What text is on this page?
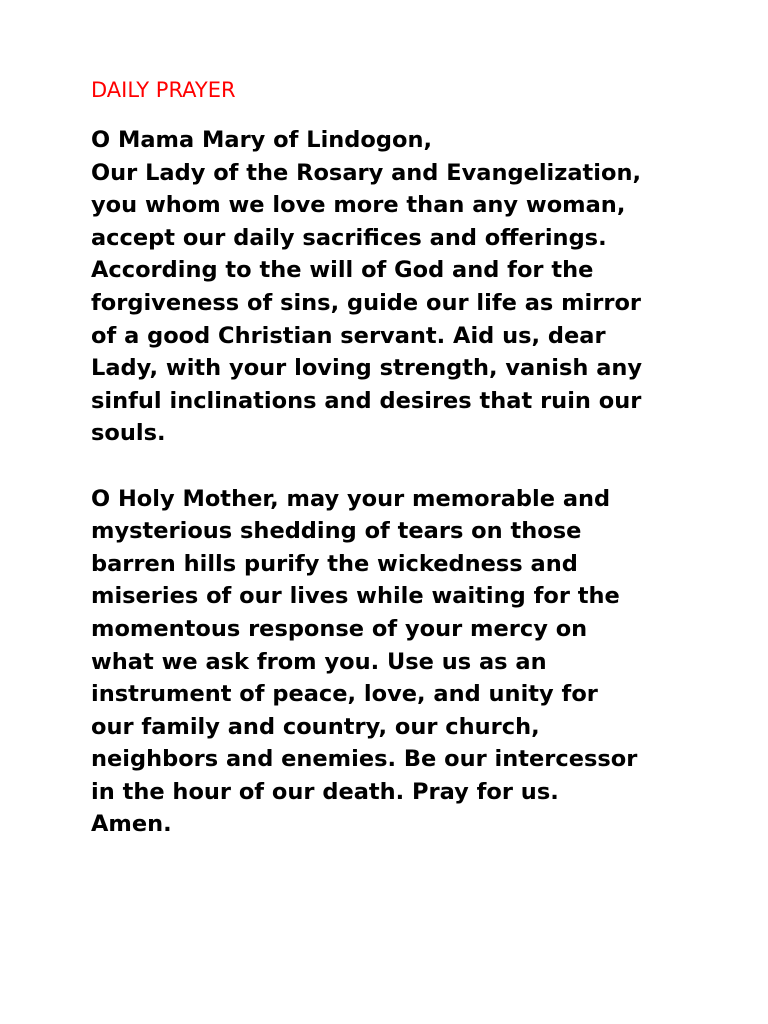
DAILY PRAYER

O Mama Mary of Lindogon,
Our Lady of the Rosary and Evangelization,
you whom we love more than any woman,
accept our daily sacrifices and offerings.
According to the will of God and for the
forgiveness of sins, guide our life as mirror
of a good Christian servant. Aid us, dear
Lady, with your loving strength, vanish any
sinful inclinations and desires that ruin our
souls.

O Holy Mother, may your memorable and
mysterious shedding of tears on those
barren hills purify the wickedness and
miseries of our lives while waiting for the
momentous response of your mercy on
what we ask from you. Use us as an
instrument of peace, love, and unity for
our family and country, our church,
neighbors and enemies. Be our intercessor
in the hour of our death. Pray for us.
Amen.
